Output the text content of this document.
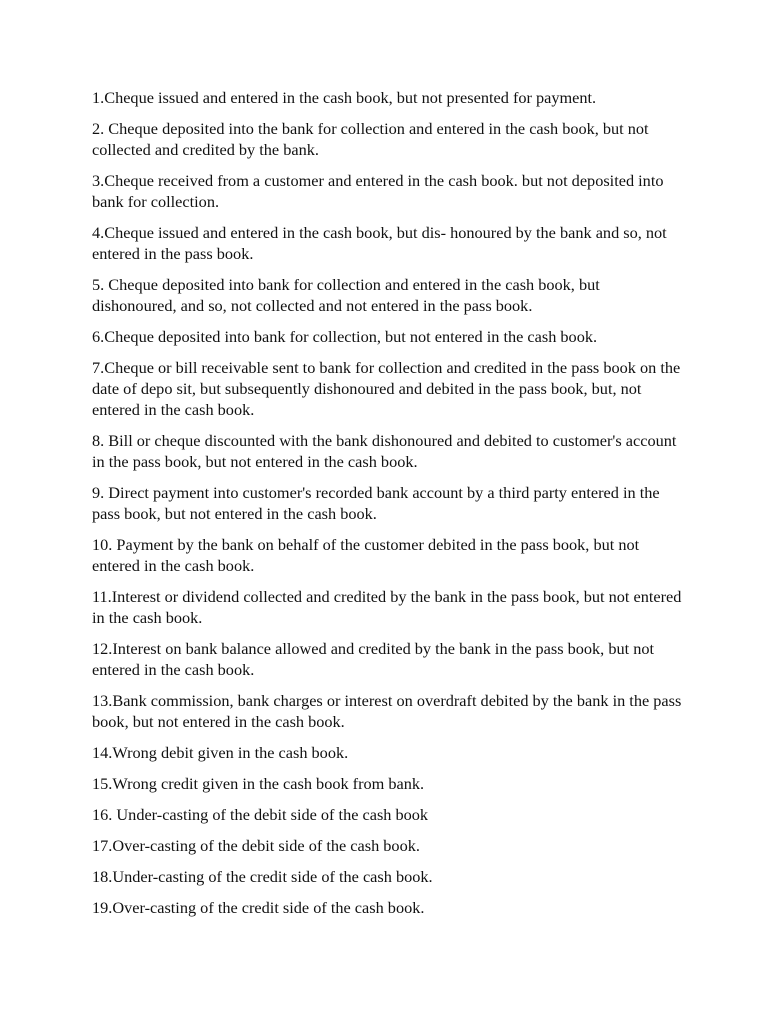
1.Cheque issued and entered in the cash book, but not presented for payment.
2. Cheque deposited into the bank for collection and entered in the cash book, but not collected and credited by the bank.
3.Cheque received from a customer and entered in the cash book. but not deposited into bank for collection.
4.Cheque issued and entered in the cash book, but dis- honoured by the bank and so, not entered in the pass book.
5. Cheque deposited into bank for collection and entered in the cash book, but dishonoured, and so, not collected and not entered in the pass book.
6.Cheque deposited into bank for collection, but not entered in the cash book.
7.Cheque or bill receivable sent to bank for collection and credited in the pass book on the date of depo sit, but subsequently dishonoured and debited in the pass book, but, not entered in the cash book.
8. Bill or cheque discounted with the bank dishonoured and debited to customer's account in the pass book, but not entered in the cash book.
9. Direct payment into customer's recorded bank account by a third party entered in the pass book, but not entered in the cash book.
10. Payment by the bank on behalf of the customer debited in the pass book, but not entered in the cash book.
11.Interest or dividend collected and credited by the bank in the pass book, but not entered in the cash book.
12.Interest on bank balance allowed and credited by the bank in the pass book, but not entered in the cash book.
13.Bank commission, bank charges or interest on overdraft debited by the bank in the pass book, but not entered in the cash book.
14.Wrong debit given in the cash book.
15.Wrong credit given in the cash book from bank.
16. Under-casting of the debit side of the cash book
17.Over-casting of the debit side of the cash book.
18.Under-casting of the credit side of the cash book.
19.Over-casting of the credit side of the cash book.
